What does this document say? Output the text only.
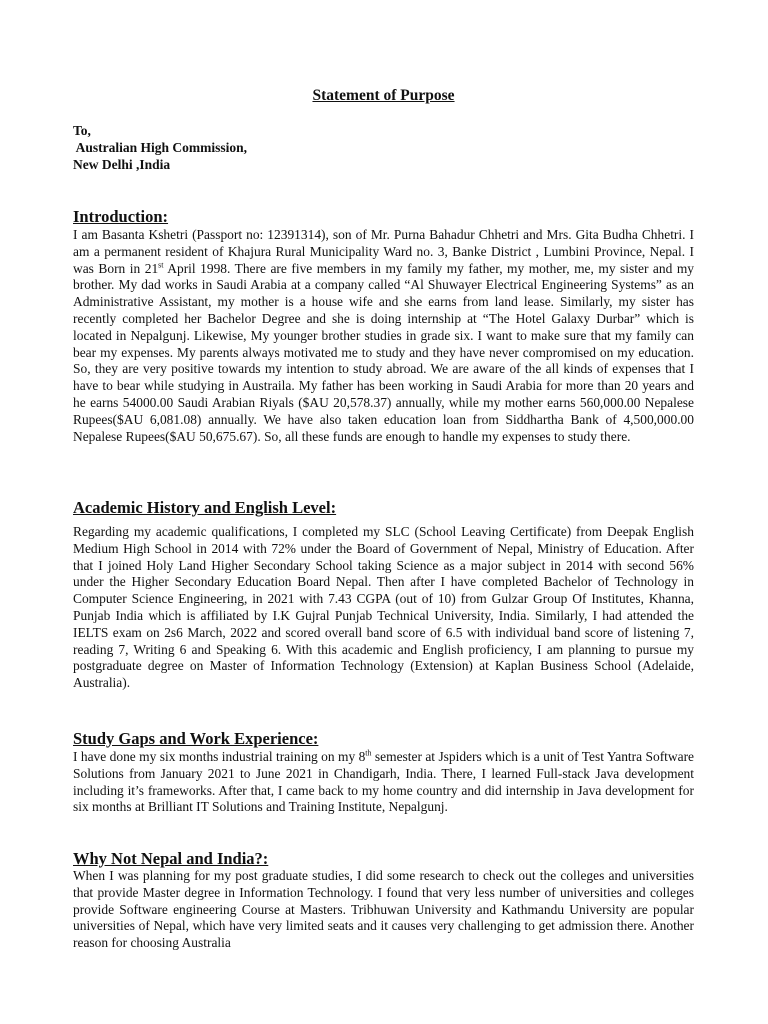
Statement of Purpose
To,
Australian High Commission,
New Delhi ,India
Introduction:

I am Basanta Kshetri (Passport no: 12391314), son of Mr. Purna Bahadur Chhetri and Mrs. Gita Budha Chhetri. I am a permanent resident of Khajura Rural Municipality Ward no. 3, Banke District , Lumbini Province, Nepal. I was Born in 21st April 1998. There are five members in my family my father, my mother, me, my sister and my brother. My dad works in Saudi Arabia at a company called “Al Shuwayer Electrical Engineering Systems” as an Administrative Assistant, my mother is a house wife and she earns from land lease. Similarly, my sister has recently completed her Bachelor Degree and she is doing internship at “The Hotel Galaxy Durbar” which is located in Nepalgunj. Likewise, My younger brother studies in grade six. I want to make sure that my family can bear my expenses. My parents always motivated me to study and they have never compromised on my education. So, they are very positive towards my intention to study abroad. We are aware of the all kinds of expenses that I have to bear while studying in Austraila. My father has been working in Saudi Arabia for more than 20 years and he earns 54000.00 Saudi Arabian Riyals ($AU 20,578.37) annually, while my mother earns 560,000.00 Nepalese Rupees($AU 6,081.08) annually. We have also taken education loan from Siddhartha Bank of 4,500,000.00 Nepalese Rupees($AU 50,675.67). So, all these funds are enough to handle my expenses to study there.

Academic History and English Level:

Regarding my academic qualifications, I completed my SLC (School Leaving Certificate) from Deepak English Medium High School in 2014 with 72% under the Board of Government of Nepal, Ministry of Education. After that I joined Holy Land Higher Secondary School taking Science as a major subject in 2014 with second 56% under the Higher Secondary Education Board Nepal. Then after I have completed Bachelor of Technology in Computer Science Engineering, in 2021 with 7.43 CGPA (out of 10) from Gulzar Group Of Institutes, Khanna, Punjab India which is affiliated by I.K Gujral Punjab Technical University, India. Similarly, I had attended the IELTS exam on 2s6 March, 2022 and scored overall band score of 6.5 with individual band score of listening 7, reading 7, Writing 6 and Speaking 6. With this academic and English proficiency, I am planning to pursue my postgraduate degree on Master of Information Technology (Extension) at Kaplan Business School (Adelaide, Australia).

Study Gaps and Work Experience:

I have done my six months industrial training on my 8th semester at Jspiders which is a unit of Test Yantra Software Solutions from January 2021 to June 2021 in Chandigarh, India. There, I learned Full-stack Java development including it’s frameworks. After that, I came back to my home country and did internship in Java development for six months at Brilliant IT Solutions and Training Institute, Nepalgunj.

Why Not Nepal and India?:

When I was planning for my post graduate studies, I did some research to check out the colleges and universities that provide Master degree in Information Technology. I found that very less number of universities and colleges provide Software engineering Course at Masters. Tribhuwan University and Kathmandu University are popular universities of Nepal, which have very limited seats and it causes very challenging to get admission there. Another reason for choosing Australia
